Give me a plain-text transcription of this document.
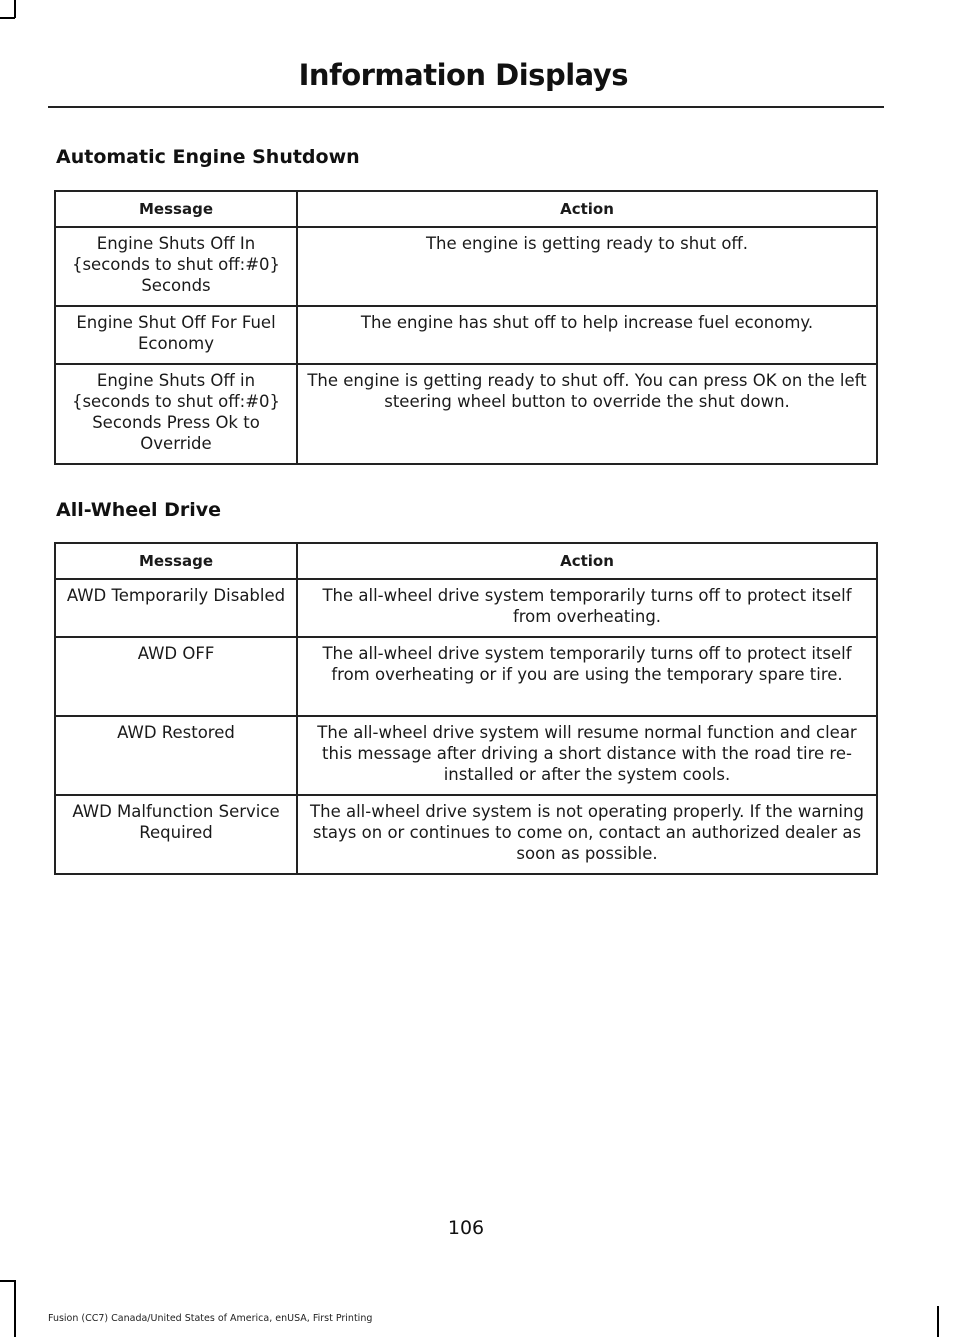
Information Displays
Automatic Engine Shutdown
Message	Action
Engine Shuts Off In {seconds to shut off:#0} Seconds	The engine is getting ready to shut off.
Engine Shut Off For Fuel Economy	The engine has shut off to help increase fuel economy.
Engine Shuts Off in {seconds to shut off:#0} Seconds Press Ok to Override	The engine is getting ready to shut off. You can press OK on the left steering wheel button to override the shut down.
All-Wheel Drive
Message	Action
AWD Temporarily Disabled	The all-wheel drive system temporarily turns off to protect itself from overheating.
AWD OFF	The all-wheel drive system temporarily turns off to protect itself from overheating or if you are using the temporary spare tire.
AWD Restored	The all-wheel drive system will resume normal function and clear this message after driving a short distance with the road tire re-installed or after the system cools.
AWD Malfunction Service Required	The all-wheel drive system is not operating properly. If the warning stays on or continues to come on, contact an authorized dealer as soon as possible.
106
Fusion (CC7) Canada/United States of America, enUSA, First Printing
